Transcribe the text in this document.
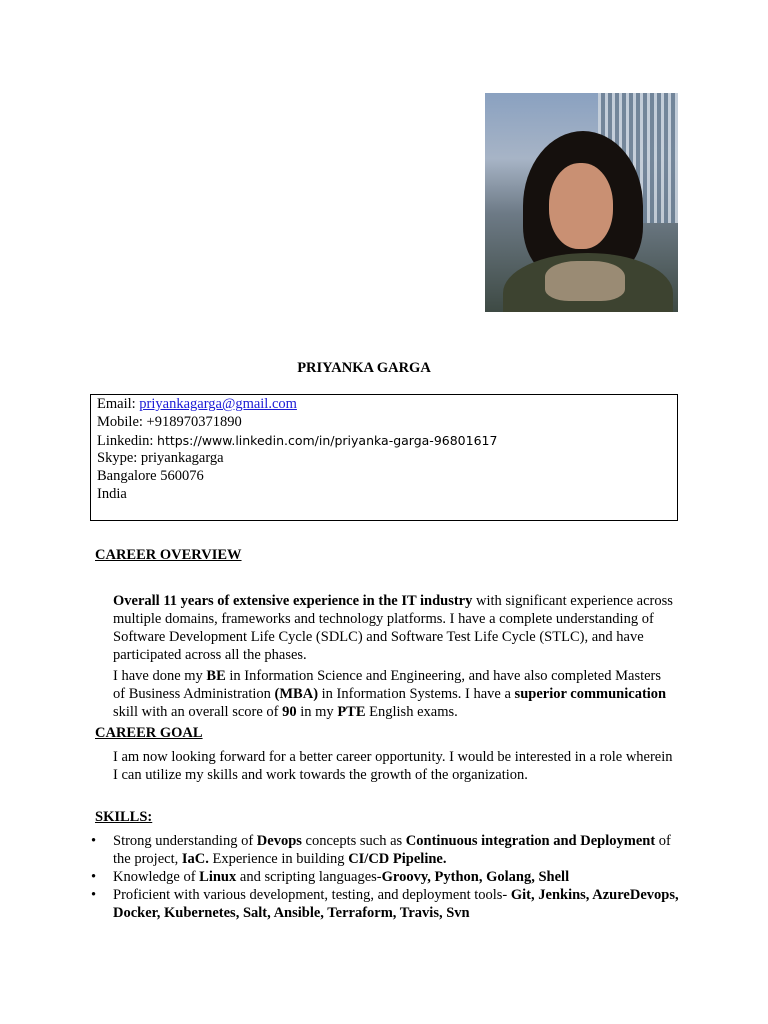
PRIYANKA GARGA
Email: priyankagarga@gmail.com
Mobile: +918970371890
Linkedin: https://www.linkedin.com/in/priyanka-garga-96801617
Skype: priyankagarga
Bangalore 560076
India
CAREER OVERVIEW
Overall 11 years of extensive experience in the IT industry with significant experience across multiple domains, frameworks and technology platforms. I have a complete understanding of Software Development Life Cycle (SDLC) and Software Test Life Cycle (STLC), and have participated across all the phases.
I have done my BE in Information Science and Engineering, and have also completed Masters of Business Administration (MBA) in Information Systems. I have a superior communication skill with an overall score of 90 in my PTE English exams.
CAREER GOAL
I am now looking forward for a better career opportunity. I would be interested in a role wherein I can utilize my skills and work towards the growth of the organization.
SKILLS:
• Strong understanding of Devops concepts such as Continuous integration and Deployment of the project, IaC. Experience in building CI/CD Pipeline.
• Knowledge of Linux and scripting languages-Groovy, Python, Golang, Shell
• Proficient with various development, testing, and deployment tools- Git, Jenkins, AzureDevops, Docker, Kubernetes, Salt, Ansible, Terraform, Travis, Svn
